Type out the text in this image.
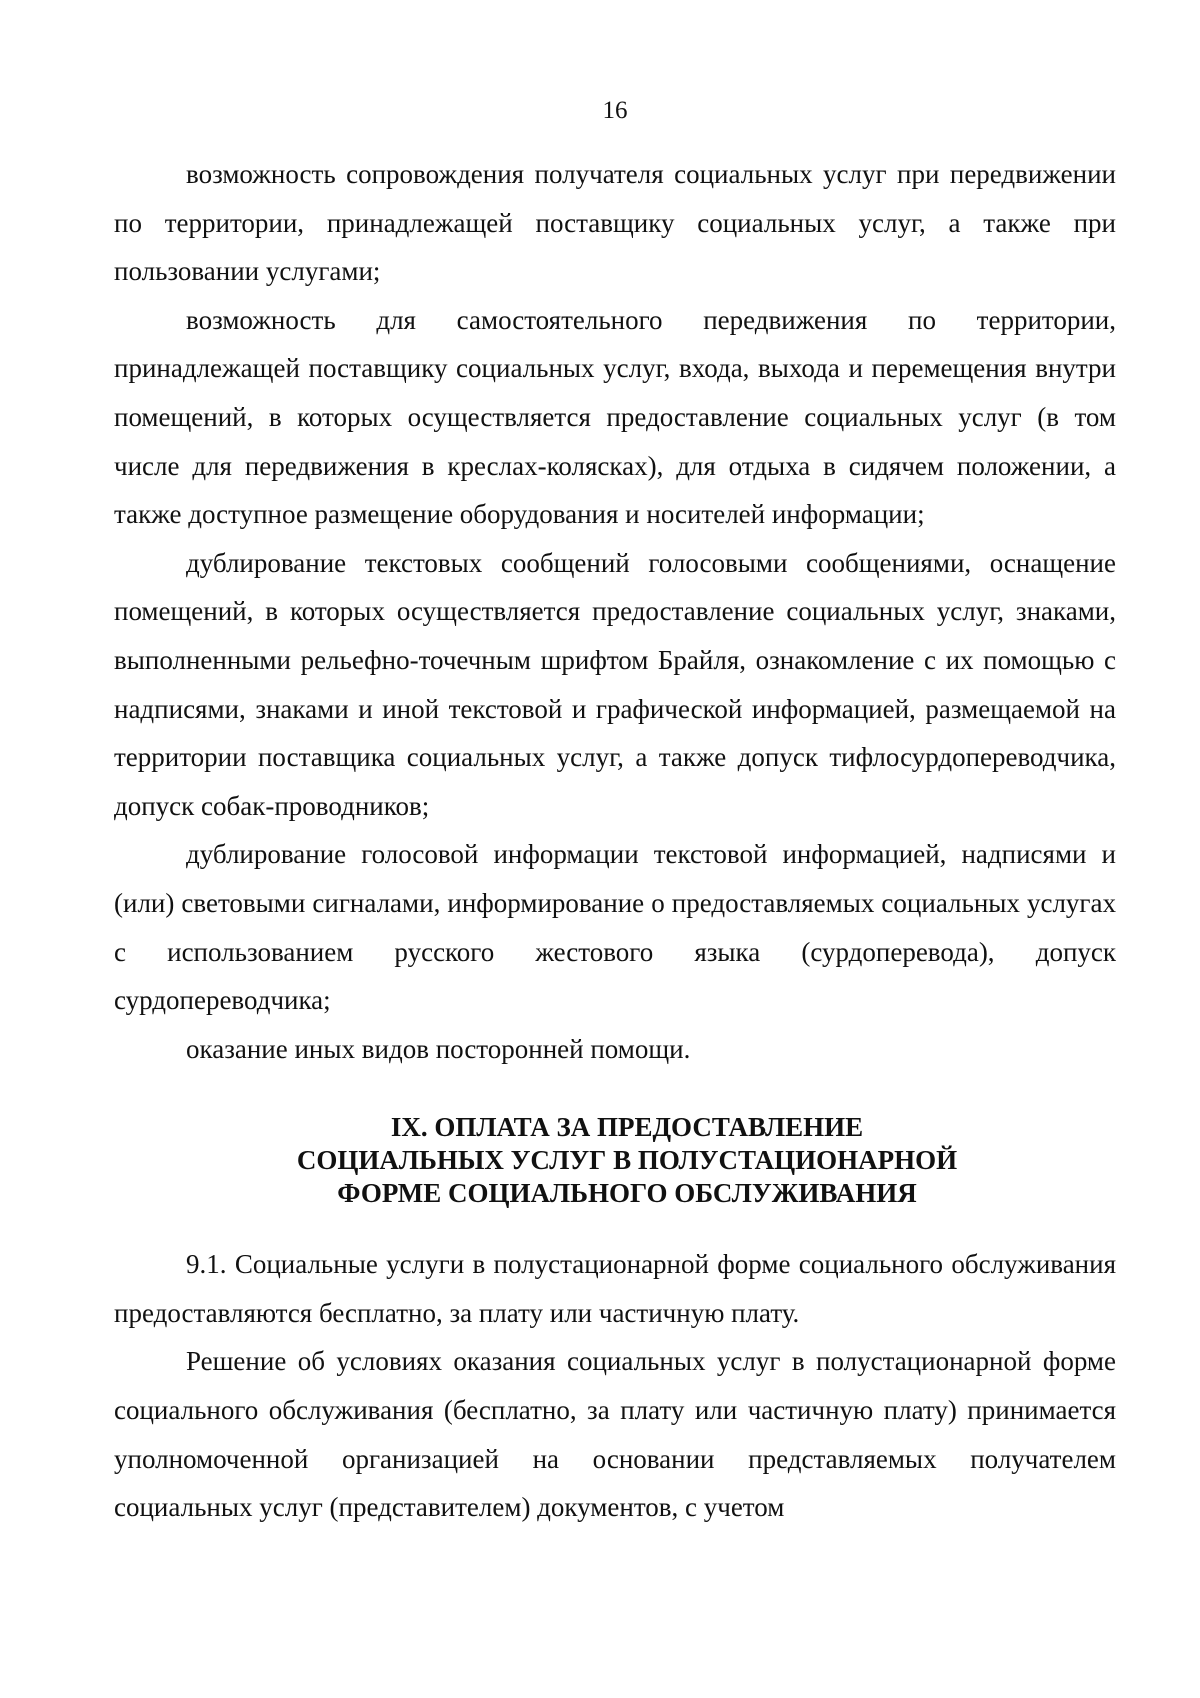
16

возможность сопровождения получателя социальных услуг при передвижении по территории, принадлежащей поставщику социальных услуг, а также при пользовании услугами;

возможность для самостоятельного передвижения по территории, принадлежащей поставщику социальных услуг, входа, выхода и перемещения внутри помещений, в которых осуществляется предоставление социальных услуг (в том числе для передвижения в креслах-колясках), для отдыха в сидячем положении, а также доступное размещение оборудования и носителей информации;

дублирование текстовых сообщений голосовыми сообщениями, оснащение помещений, в которых осуществляется предоставление социальных услуг, знаками, выполненными рельефно-точечным шрифтом Брайля, ознакомление с их помощью с надписями, знаками и иной текстовой и графической информацией, размещаемой на территории поставщика социальных услуг, а также допуск тифлосурдопереводчика, допуск собак-проводников;

дублирование голосовой информации текстовой информацией, надписями и (или) световыми сигналами, информирование о предоставляемых социальных услугах с использованием русского жестового языка (сурдоперевода), допуск сурдопереводчика;

оказание иных видов посторонней помощи.

IX. ОПЛАТА ЗА ПРЕДОСТАВЛЕНИЕ
СОЦИАЛЬНЫХ УСЛУГ В ПОЛУСТАЦИОНАРНОЙ
ФОРМЕ СОЦИАЛЬНОГО ОБСЛУЖИВАНИЯ

9.1. Социальные услуги в полустационарной форме социального обслуживания предоставляются бесплатно, за плату или частичную плату.

Решение об условиях оказания социальных услуг в полустационарной форме социального обслуживания (бесплатно, за плату или частичную плату) принимается уполномоченной организацией на основании представляемых получателем социальных услуг (представителем) документов, с учетом
